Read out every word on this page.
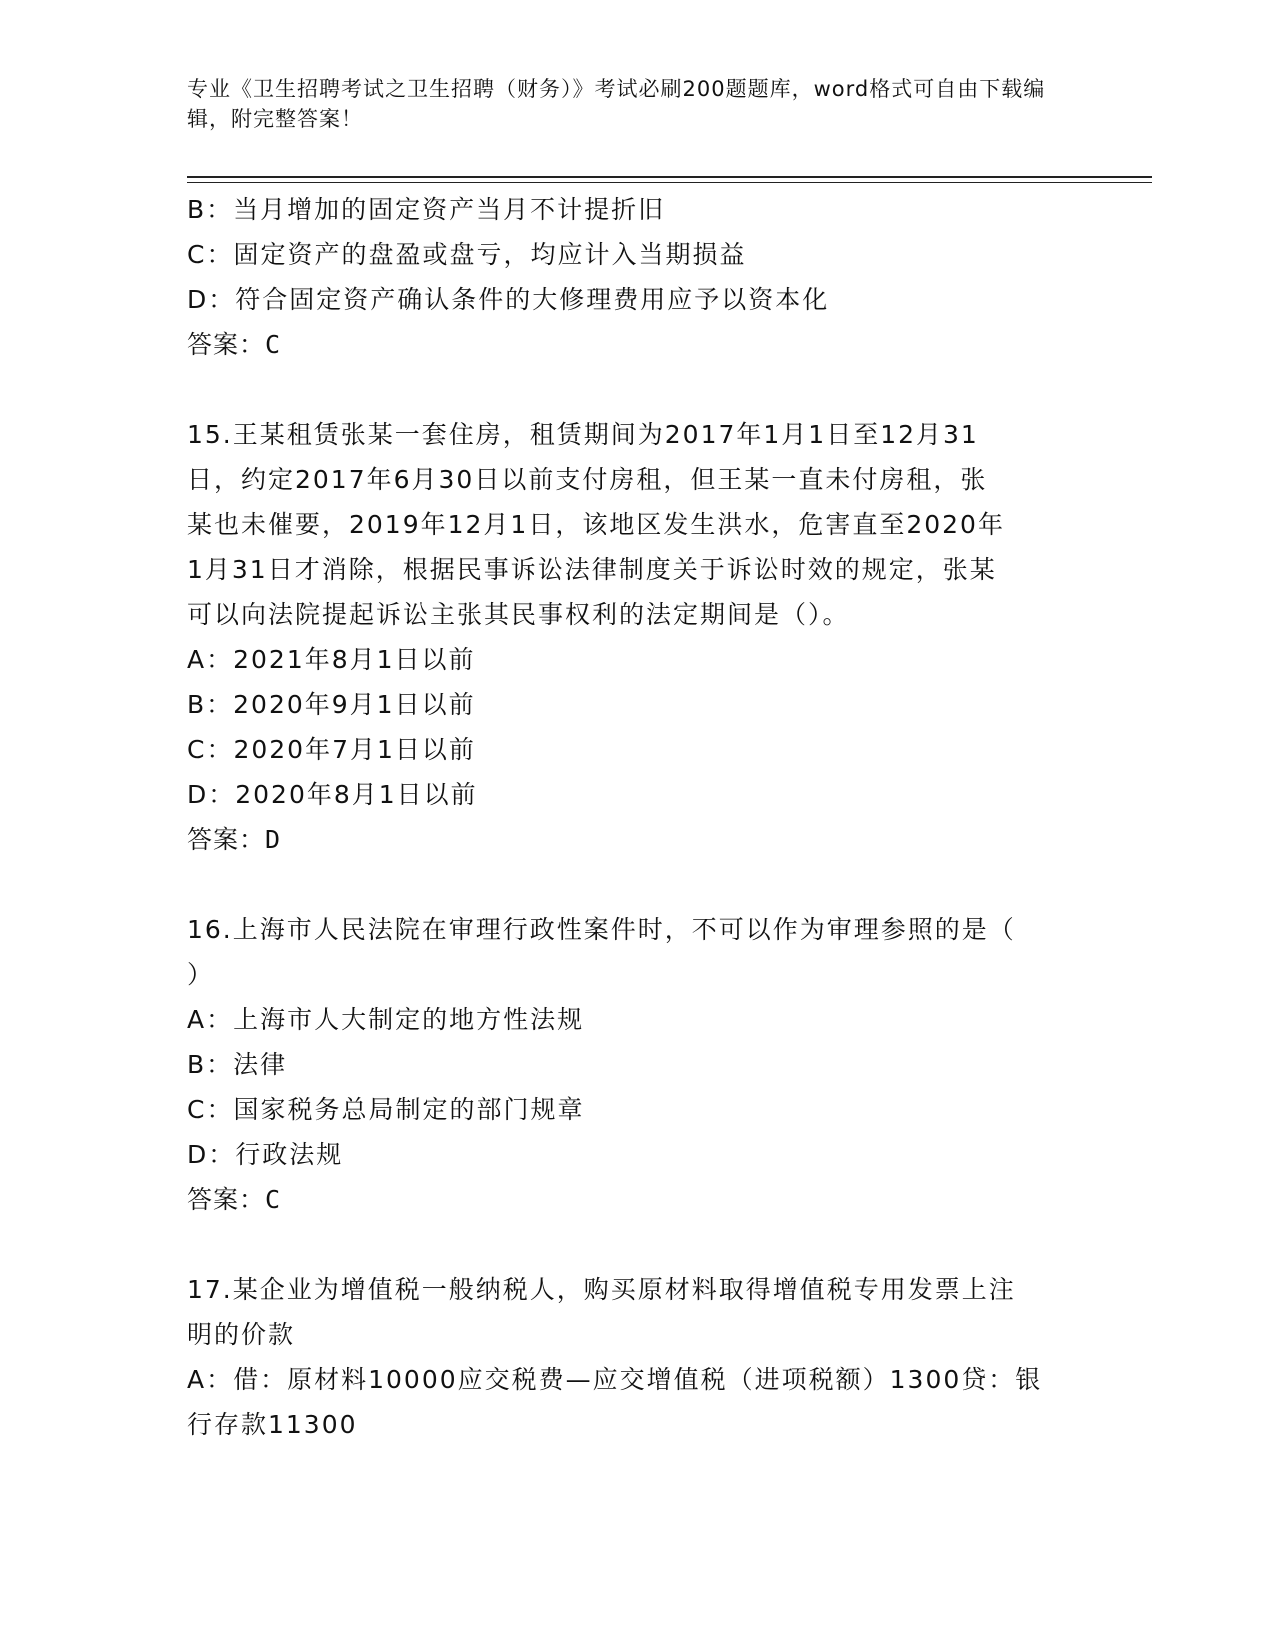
专业《卫生招聘考试之卫生招聘（财务）》考试必刷200题题库，word格式可自由下载编辑，附完整答案！
B：当月增加的固定资产当月不计提折旧
C：固定资产的盘盈或盘亏，均应计入当期损益
D：符合固定资产确认条件的大修理费用应予以资本化
答案：C
15.王某租赁张某一套住房，租赁期间为2017年1月1日至12月31
日，约定2017年6月30日以前支付房租，但王某一直未付房租，张
某也未催要，2019年12月1日，该地区发生洪水，危害直至2020年
1月31日才消除，根据民事诉讼法律制度关于诉讼时效的规定，张某
可以向法院提起诉讼主张其民事权利的法定期间是（）。
A：2021年8月1日以前
B：2020年9月1日以前
C：2020年7月1日以前
D：2020年8月1日以前
答案：D
16.上海市人民法院在审理行政性案件时，不可以作为审理参照的是（
）
A：上海市人大制定的地方性法规
B：法律
C：国家税务总局制定的部门规章
D：行政法规
答案：C
17.某企业为增值税一般纳税人，购买原材料取得增值税专用发票上注
明的价款
A：借：原材料10000应交税费—应交增值税（进项税额）1300贷：银
行存款11300
